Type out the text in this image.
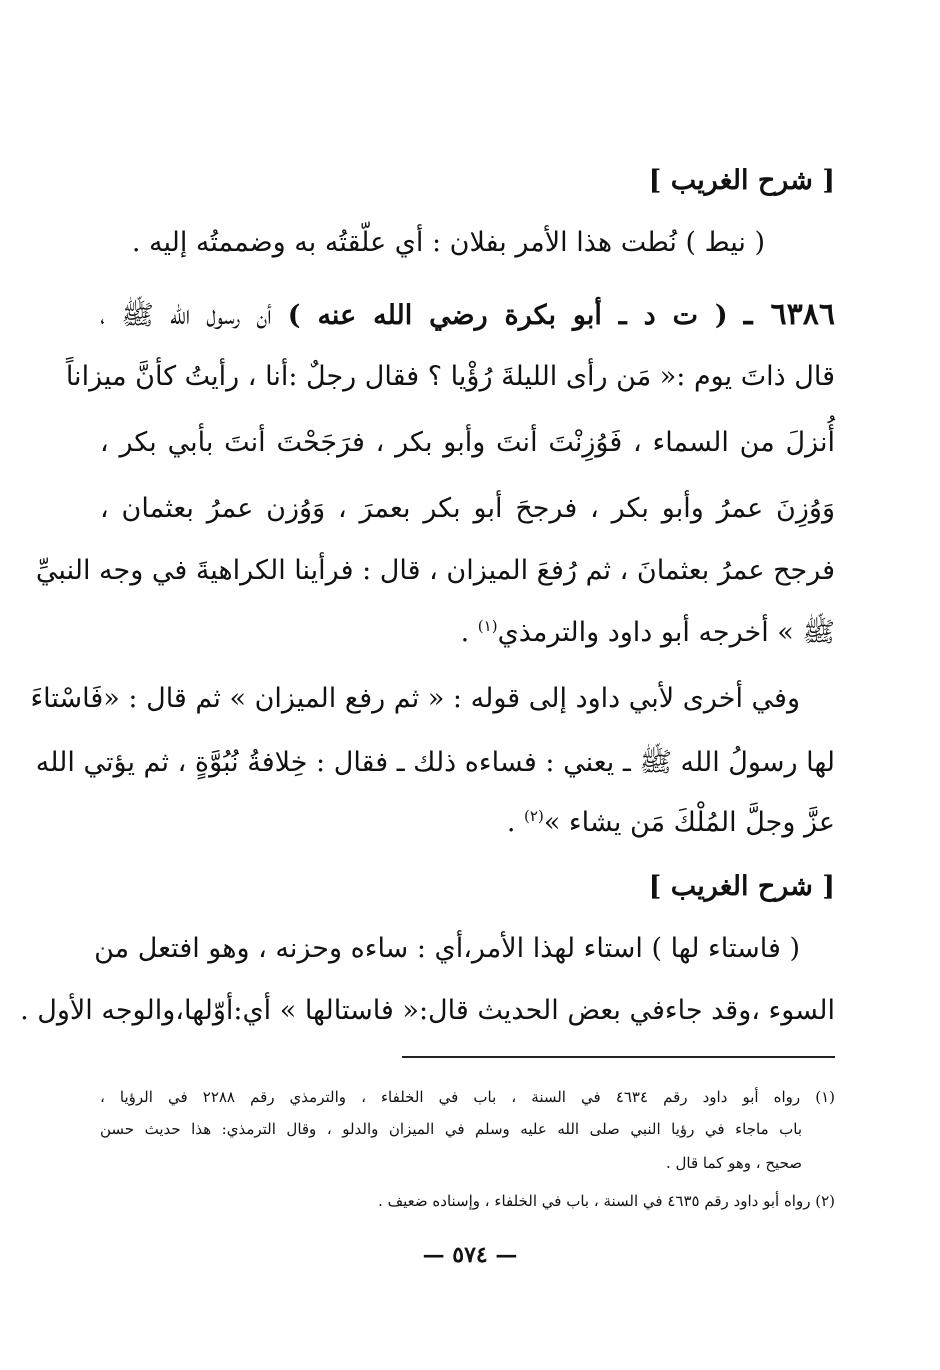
[ شرح الغريب ]
( نيط ) نُطت هذا الأمر بفلان : أي علّقتُه به وضممتُه إليه .
٦٣٨٦ ـ ( ت د ـ أبو بكرة رضي الله عنه ) أن رسول الله ﷺ ،
قال ذاتَ يوم :« مَن رأى الليلةَ رُؤْيا ؟ فقال رجلٌ :أنا ، رأيتُ كأنَّ ميزاناً
أُنزلَ من السماء ، فَوُزِنْتَ أنتَ وأبو بكر ، فرَجَحْتَ أنتَ بأبي بكر ،
وَوُزِنَ عمرُ وأبو بكر ، فرجحَ أبو بكر بعمرَ ، وَوُزن عمرُ بعثمان ،
فرجح عمرُ بعثمانَ ، ثم رُفعَ الميزان ، قال : فرأينا الكراهيةَ في وجه النبيِّ
ﷺ » أخرجه أبو داود والترمذي$^{(١)}$ .
وفي أخرى لأبي داود إلى قوله : « ثم رفع الميزان » ثم قال : «فَاسْتاءَ
لها رسولُ الله ﷺ ـ يعني : فساءه ذلك ـ فقال : خِلافةُ نُبُوَّةٍ ، ثم يؤتي الله
عزَّ وجلَّ المُلْكَ مَن يشاء »$^{(٢)}$ .
[ شرح الغريب ]
( فاستاء لها ) استاء لهذا الأمر،أي : ساءه وحزنه ، وهو افتعل من
السوء ،وقد جاءفي بعض الحديث قال:« فاستالها » أي:أوّلها،والوجه الأول .
(١) رواه أبو داود رقم ٤٦٣٤ في السنة ، باب في الخلفاء ، والترمذي رقم ٢٢٨٨ في الرؤيا ،
باب ماجاء في رؤيا النبي صلى الله عليه وسلم في الميزان والدلو ، وقال الترمذي: هذا حديث حسن
صحيح ، وهو كما قال .
(٢) رواه أبو داود رقم ٤٦٣٥ في السنة ، باب في الخلفاء ، وإسناده ضعيف .
— ٥٧٤ —
